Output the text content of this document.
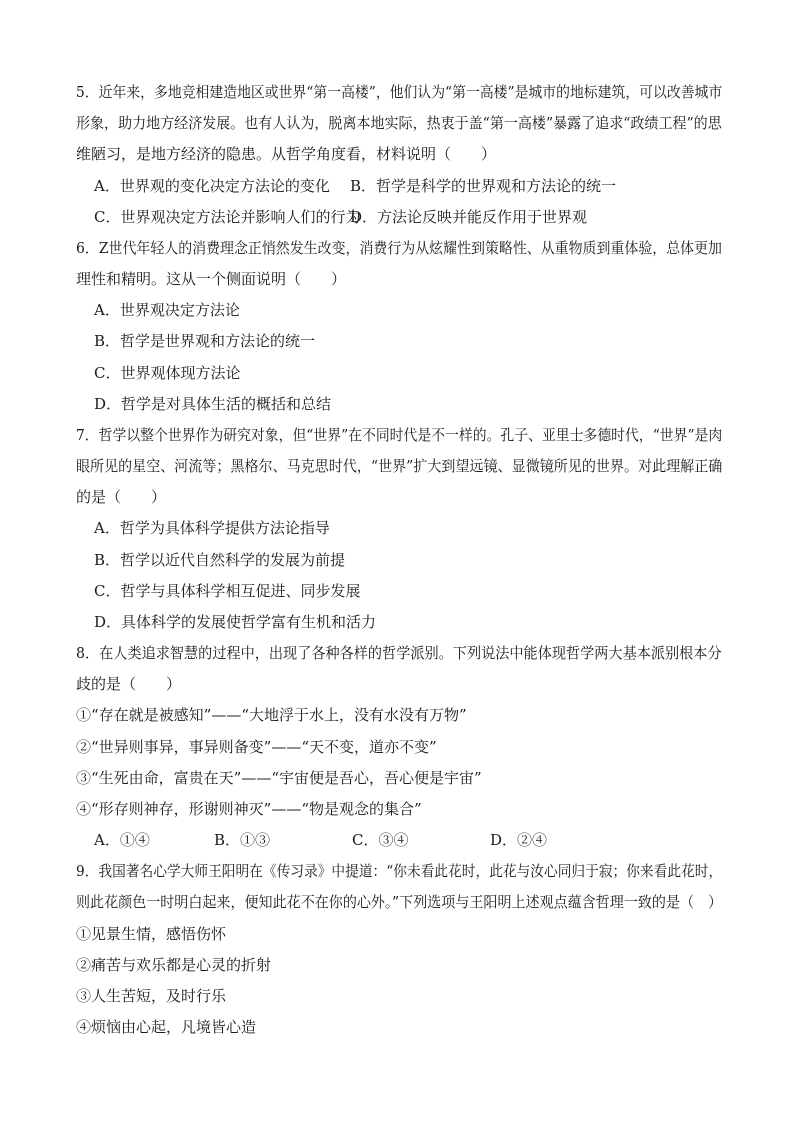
5．近年来，多地竞相建造地区或世界“第一高楼”，他们认为“第一高楼”是城市的地标建筑，可以改善城市
形象，助力地方经济发展。也有人认为，脱离本地实际，热衷于盖“第一高楼”暴露了追求“政绩工程”的思
维陋习，是地方经济的隐患。从哲学角度看，材料说明（　　）
A．世界观的变化决定方法论的变化 B．哲学是科学的世界观和方法论的统一
C．世界观决定方法论并影响人们的行为
D．方法论反映并能反作用于世界观
6．Z世代年轻人的消费理念正悄然发生改变，消费行为从炫耀性到策略性、从重物质到重体验，总体更加
理性和精明。这从一个侧面说明（　　）
A．世界观决定方法论
B．哲学是世界观和方法论的统一
C．世界观体现方法论
D．哲学是对具体生活的概括和总结
7．哲学以整个世界作为研究对象，但“世界”在不同时代是不一样的。孔子、亚里士多德时代，“世界”是肉
眼所见的星空、河流等；黑格尔、马克思时代，“世界”扩大到望远镜、显微镜所见的世界。对此理解正确
的是（　　）
A．哲学为具体科学提供方法论指导
B．哲学以近代自然科学的发展为前提
C．哲学与具体科学相互促进、同步发展
D．具体科学的发展使哲学富有生机和活力
8．在人类追求智慧的过程中，出现了各种各样的哲学派别。下列说法中能体现哲学两大基本派别根本分
歧的是（　　）
①“存在就是被感知”——“大地浮于水上，没有水没有万物”
②“世异则事异，事异则备变”——“天不变，道亦不变”
③“生死由命，富贵在天”——“宇宙便是吾心，吾心便是宇宙”
④“形存则神存，形谢则神灭”——“物是观念的集合”
A．①④	B．①③	C．③④	D．②④
9．我国著名心学大师王阳明在《传习录》中提道：“你未看此花时，此花与汝心同归于寂；你来看此花时，
则此花颜色一时明白起来，便知此花不在你的心外。”下列选项与王阳明上述观点蕴含哲理一致的是（　）
①见景生情，感悟伤怀
②痛苦与欢乐都是心灵的折射
③人生苦短，及时行乐
④烦恼由心起，凡境皆心造
